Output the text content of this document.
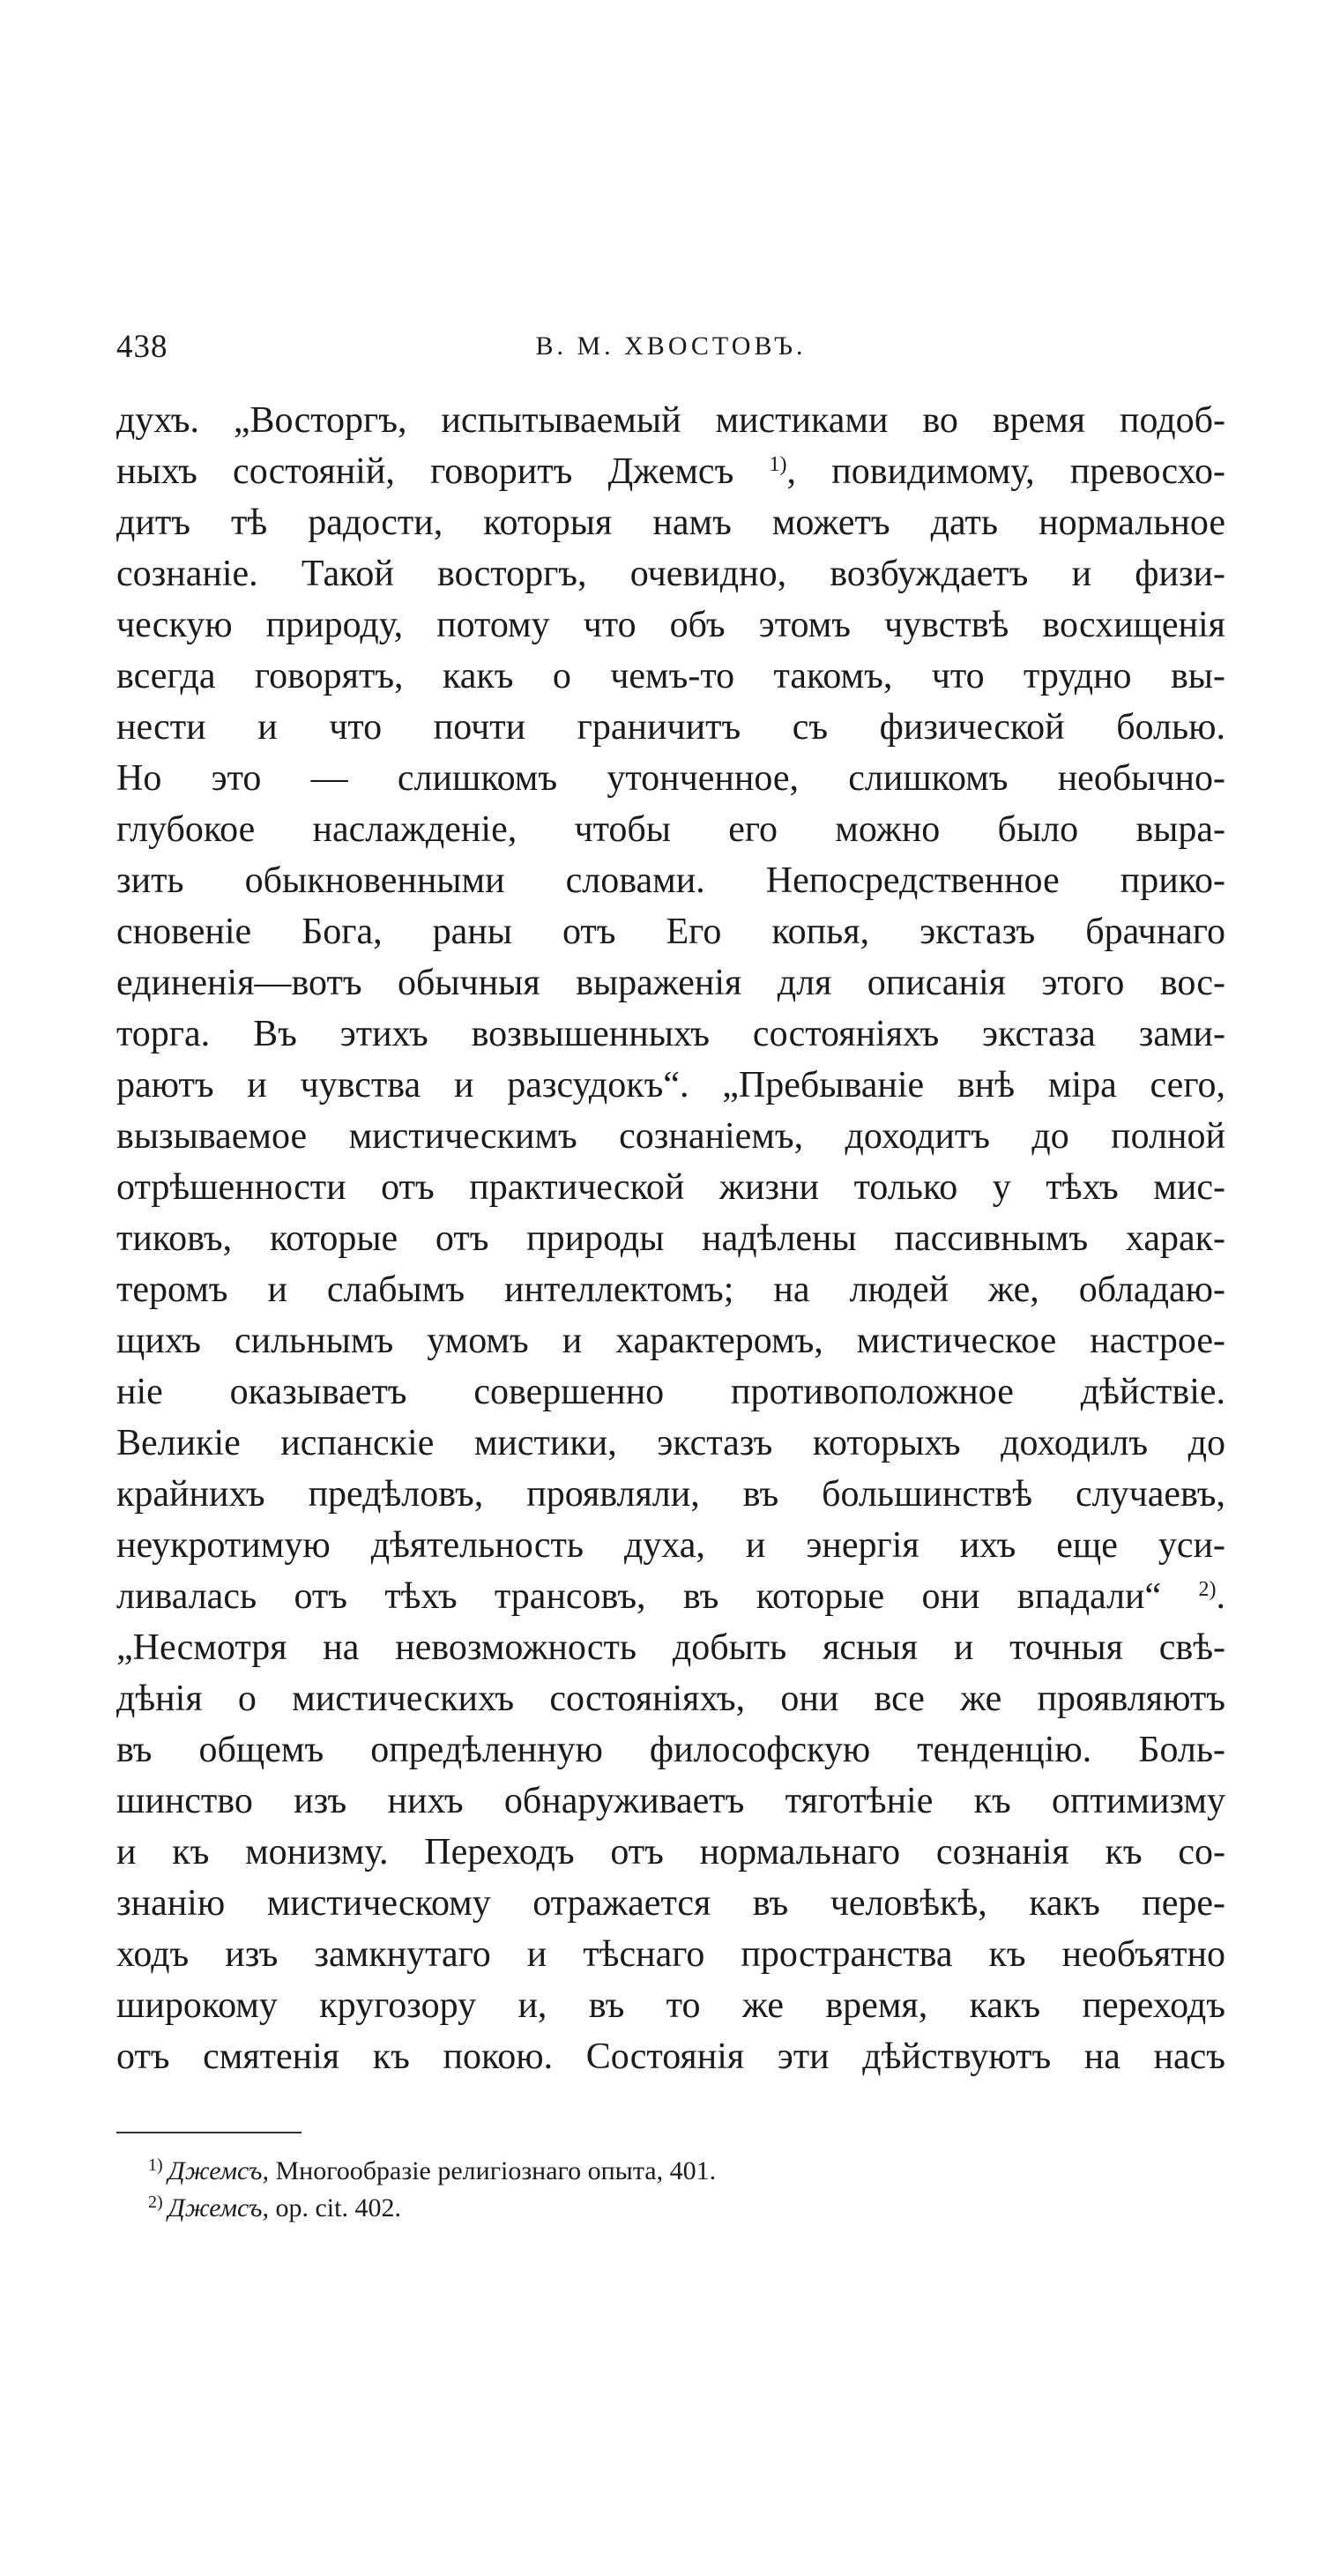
438	В. М. ХВОСТОВЪ.
духъ. „Восторгъ, испытываемый мистиками во время подоб-
ныхъ состояній, говоритъ Джемсъ $^{1)}$, повидимому, превосхо-
дитъ тѣ радости, которыя намъ можетъ дать нормальное
сознаніе. Такой восторгъ, очевидно, возбуждаетъ и физи-
ческую природу, потому что объ этомъ чувствѣ восхищенія
всегда говорятъ, какъ о чемъ-то такомъ, что трудно вы-
нести и что почти граничитъ съ физической болью.
Но это — слишкомъ утонченное, слишкомъ необычно-
глубокое наслажденіе, чтобы его можно было выра-
зить обыкновенными словами. Непосредственное прико-
сновеніе Бога, раны отъ Его копья, экстазъ брачнаго
единенія—вотъ обычныя выраженія для описанія этого вос-
торга. Въ этихъ возвышенныхъ состояніяхъ экстаза зами-
раютъ и чувства и разсудокъ“. „Пребываніе внѣ міра сего,
вызываемое мистическимъ сознаніемъ, доходитъ до полной
отрѣшенности отъ практической жизни только у тѣхъ мис-
тиковъ, которые отъ природы надѣлены пассивнымъ харак-
теромъ и слабымъ интеллектомъ; на людей же, обладаю-
щихъ сильнымъ умомъ и характеромъ, мистическое настрое-
ніе оказываетъ совершенно противоположное дѣйствіе.
Великіе испанскіе мистики, экстазъ которыхъ доходилъ до
крайнихъ предѣловъ, проявляли, въ большинствѣ случаевъ,
неукротимую дѣятельность духа, и энергія ихъ еще уси-
ливалась отъ тѣхъ трансовъ, въ которые они впадали“ $^{2)}$.
„Несмотря на невозможность добыть ясныя и точныя свѣ-
дѣнія о мистическихъ состояніяхъ, они все же проявляютъ
въ общемъ опредѣленную философскую тенденцію. Боль-
шинство изъ нихъ обнаруживаетъ тяготѣніе къ оптимизму
и къ монизму. Переходъ отъ нормальнаго сознанія къ со-
знанію мистическому отражается въ человѣкѣ, какъ пере-
ходъ изъ замкнутаго и тѣснаго пространства къ необъятно
широкому кругозору и, въ то же время, какъ переходъ
отъ смятенія къ покою. Состоянія эти дѣйствуютъ на насъ
$^{1)}$ Джемсъ, Многообразіе религіознаго опыта, 401.
$^{2)}$ Джемсъ, op. cit. 402.
